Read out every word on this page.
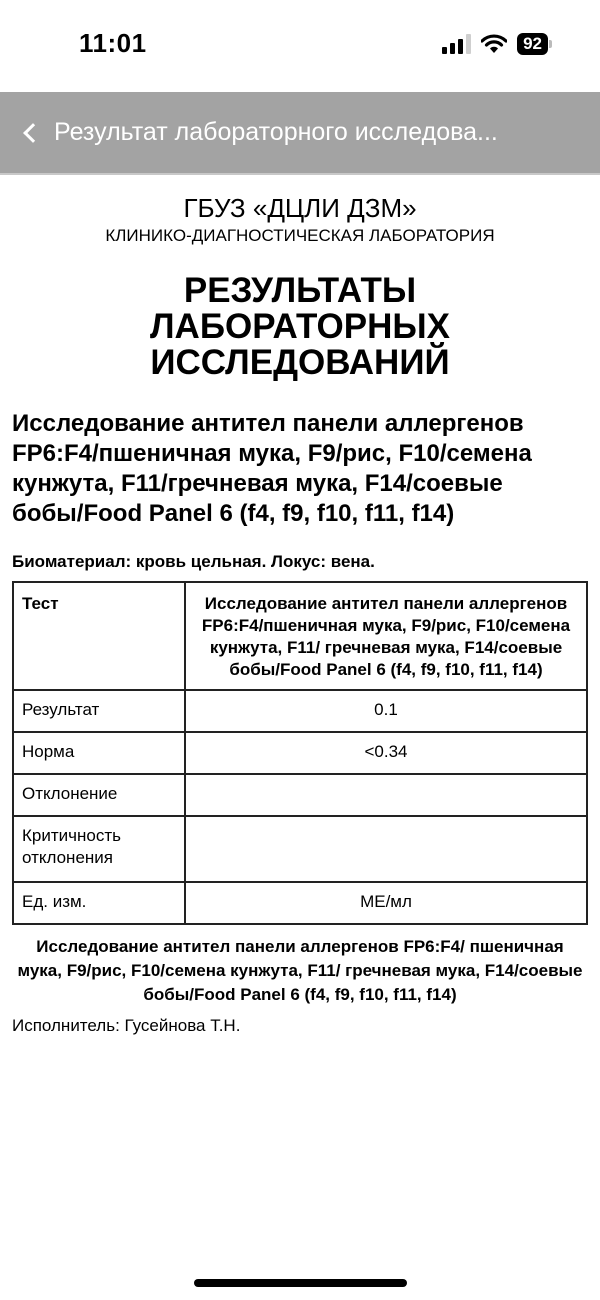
11:01	92
Результат лабораторного исследова...
ГБУЗ «ДЦЛИ ДЗМ»
КЛИНИКО-ДИАГНОСТИЧЕСКАЯ ЛАБОРАТОРИЯ
РЕЗУЛЬТАТЫ
ЛАБОРАТОРНЫХ
ИССЛЕДОВАНИЙ
Исследование антител панели аллергенов FP6:F4/пшеничная мука, F9/рис, F10/семена кунжута, F11/гречневая мука, F14/соевые бобы/Food Panel 6 (f4, f9, f10, f11, f14)
Биоматериал: кровь цельная. Локус: вена.
Тест	Исследование антител панели аллергенов FP6:F4/пшеничная мука, F9/рис, F10/семена кунжута, F11/ гречневая мука, F14/соевые бобы/Food Panel 6 (f4, f9, f10, f11, f14)
Результат	0.1
Норма	<0.34
Отклонение	
Критичность отклонения	
Ед. изм.	МЕ/мл
Исследование антител панели аллергенов FP6:F4/ пшеничная мука, F9/рис, F10/семена кунжута, F11/ гречневая мука, F14/соевые бобы/Food Panel 6 (f4, f9, f10, f11, f14)
Исполнитель: Гусейнова Т.Н.
